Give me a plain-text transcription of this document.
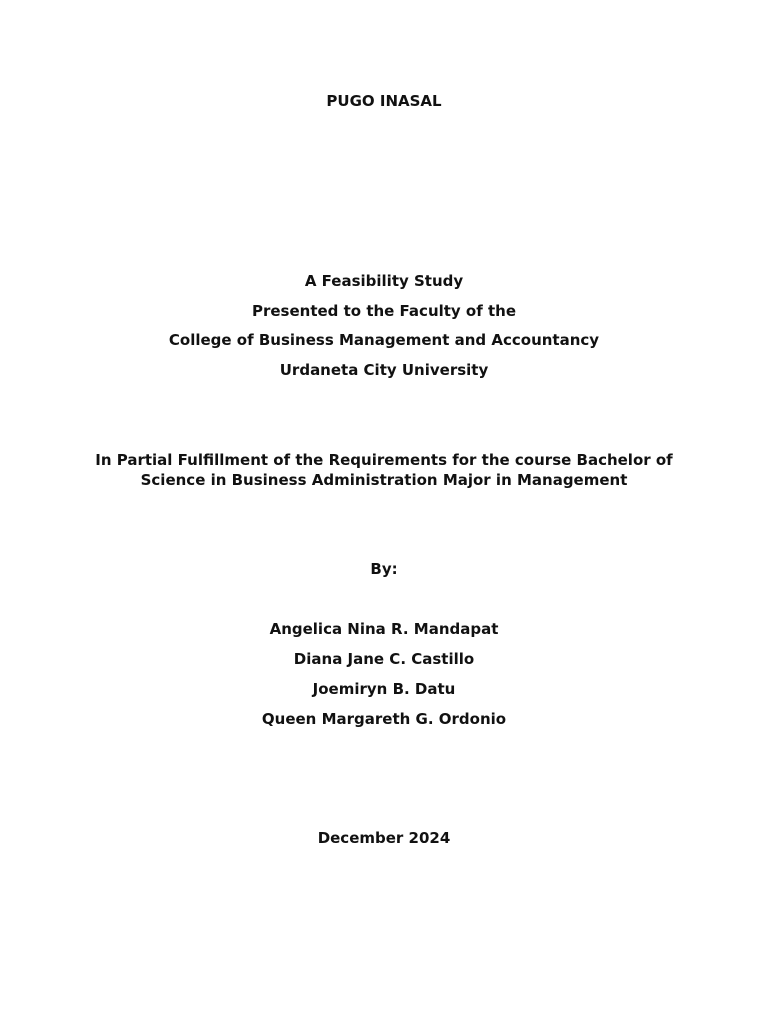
PUGO INASAL
A Feasibility Study
Presented to the Faculty of the
College of Business Management and Accountancy
Urdaneta City University
In Partial Fulfillment of the Requirements for the course Bachelor of
Science in Business Administration Major in Management
By:
Angelica Nina R. Mandapat
Diana Jane C. Castillo
Joemiryn B. Datu
Queen Margareth G. Ordonio
December 2024
